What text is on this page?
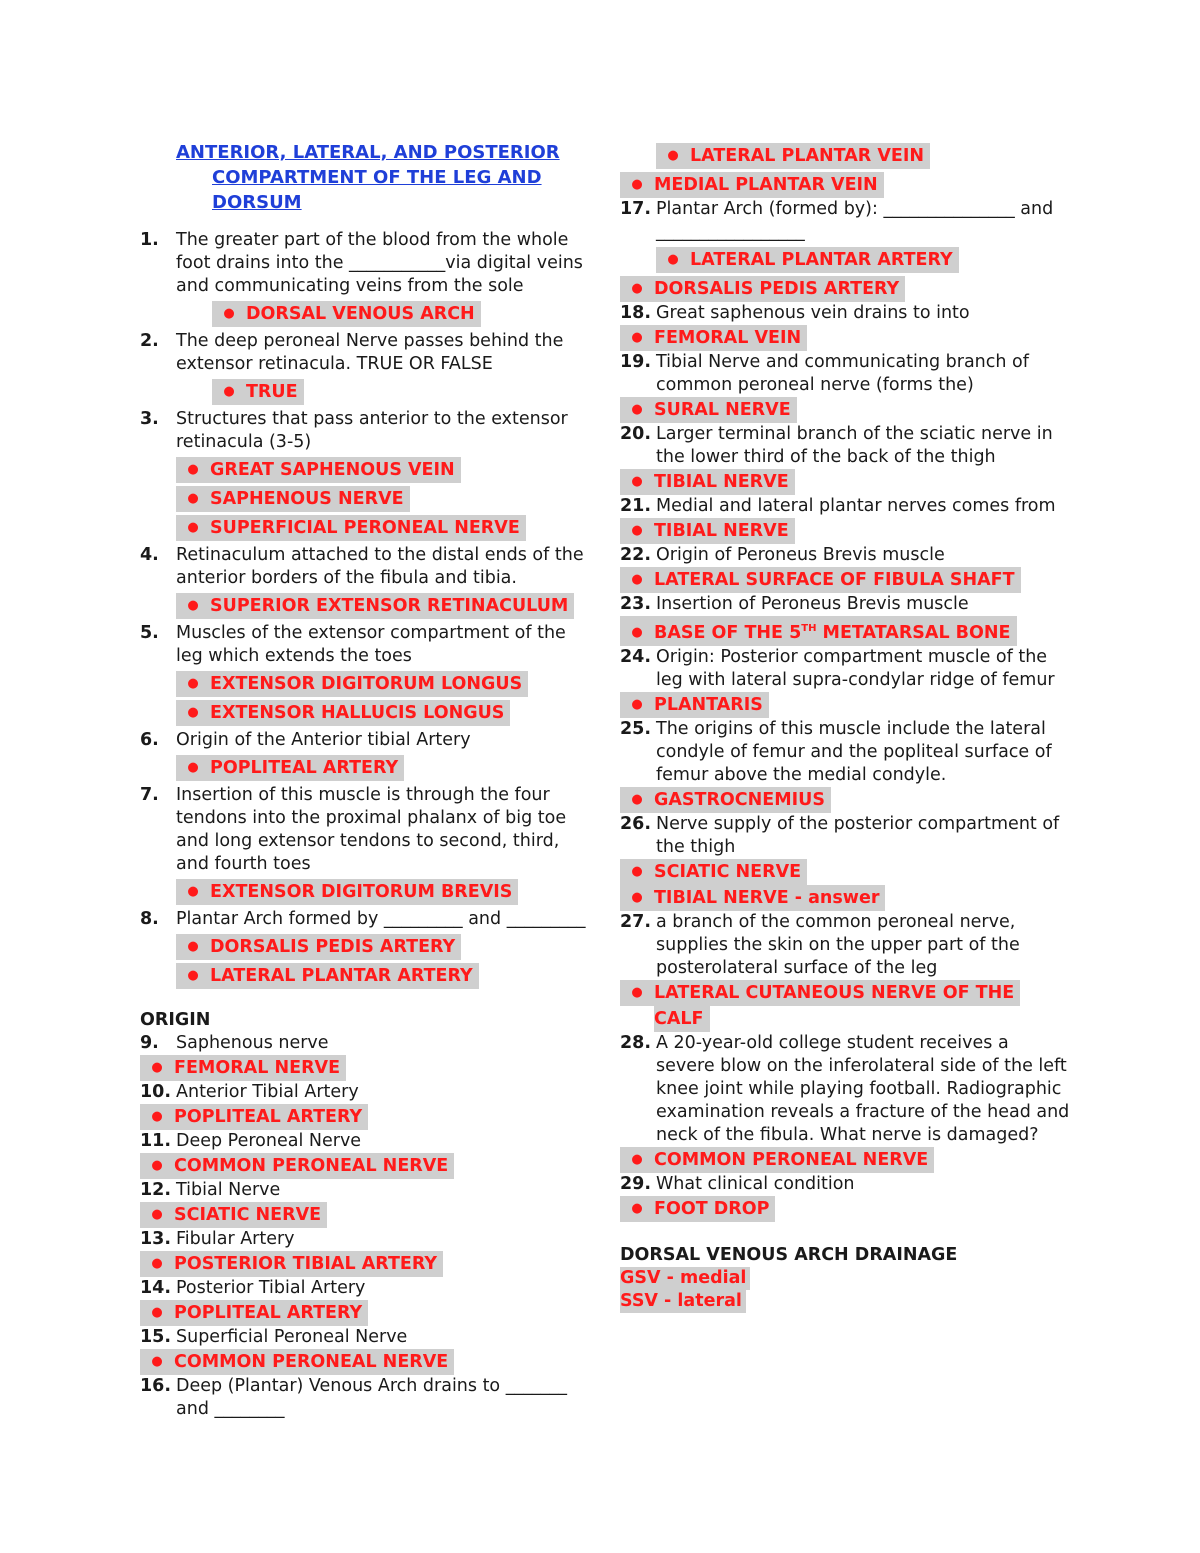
ANTERIOR, LATERAL, AND POSTERIOR
COMPARTMENT OF THE LEG AND
DORSUM
1. The greater part of the blood from the whole foot drains into the ___________via digital veins and communicating veins from the sole
● DORSAL VENOUS ARCH
2. The deep peroneal Nerve passes behind the extensor retinacula. TRUE OR FALSE
● TRUE
3. Structures that pass anterior to the extensor retinacula (3-5)
● GREAT SAPHENOUS VEIN
● SAPHENOUS NERVE
● SUPERFICIAL PERONEAL NERVE
4. Retinaculum attached to the distal ends of the anterior borders of the fibula and tibia.
● SUPERIOR EXTENSOR RETINACULUM
5. Muscles of the extensor compartment of the leg which extends the toes
● EXTENSOR DIGITORUM LONGUS
● EXTENSOR HALLUCIS LONGUS
6. Origin of the Anterior tibial Artery
● POPLITEAL ARTERY
7. Insertion of this muscle is through the four tendons into the proximal phalanx of big toe and long extensor tendons to second, third, and fourth toes
● EXTENSOR DIGITORUM BREVIS
8. Plantar Arch formed by _________ and _________
● DORSALIS PEDIS ARTERY
● LATERAL PLANTAR ARTERY
ORIGIN
9. Saphenous nerve
● FEMORAL NERVE
10. Anterior Tibial Artery
● POPLITEAL ARTERY
11. Deep Peroneal Nerve
● COMMON PERONEAL NERVE
12. Tibial Nerve
● SCIATIC NERVE
13. Fibular Artery
● POSTERIOR TIBIAL ARTERY
14. Posterior Tibial Artery
● POPLITEAL ARTERY
15. Superficial Peroneal Nerve
● COMMON PERONEAL NERVE
16. Deep (Plantar) Venous Arch drains to _______ and ________
● LATERAL PLANTAR VEIN
● MEDIAL PLANTAR VEIN
17. Plantar Arch (formed by): _______________ and _________________
● LATERAL PLANTAR ARTERY
● DORSALIS PEDIS ARTERY
18. Great saphenous vein drains to into
● FEMORAL VEIN
19. Tibial Nerve and communicating branch of common peroneal nerve (forms the)
● SURAL NERVE
20. Larger terminal branch of the sciatic nerve in the lower third of the back of the thigh
● TIBIAL NERVE
21. Medial and lateral plantar nerves comes from
● TIBIAL NERVE
22. Origin of Peroneus Brevis muscle
● LATERAL SURFACE OF FIBULA SHAFT
23. Insertion of Peroneus Brevis muscle
● BASE OF THE 5TH METATARSAL BONE
24. Origin: Posterior compartment muscle of the leg with lateral supra-condylar ridge of femur
● PLANTARIS
25. The origins of this muscle include the lateral condyle of femur and the popliteal surface of femur above the medial condyle.
● GASTROCNEMIUS
26. Nerve supply of the posterior compartment of the thigh
● SCIATIC NERVE
● TIBIAL NERVE - answer
27. a branch of the common peroneal nerve, supplies the skin on the upper part of the posterolateral surface of the leg
● LATERAL CUTANEOUS NERVE OF THE
CALF
28. A 20-year-old college student receives a severe blow on the inferolateral side of the left knee joint while playing football. Radiographic examination reveals a fracture of the head and neck of the fibula. What nerve is damaged?
● COMMON PERONEAL NERVE
29. What clinical condition
● FOOT DROP
DORSAL VENOUS ARCH DRAINAGE
GSV - medial
SSV - lateral
